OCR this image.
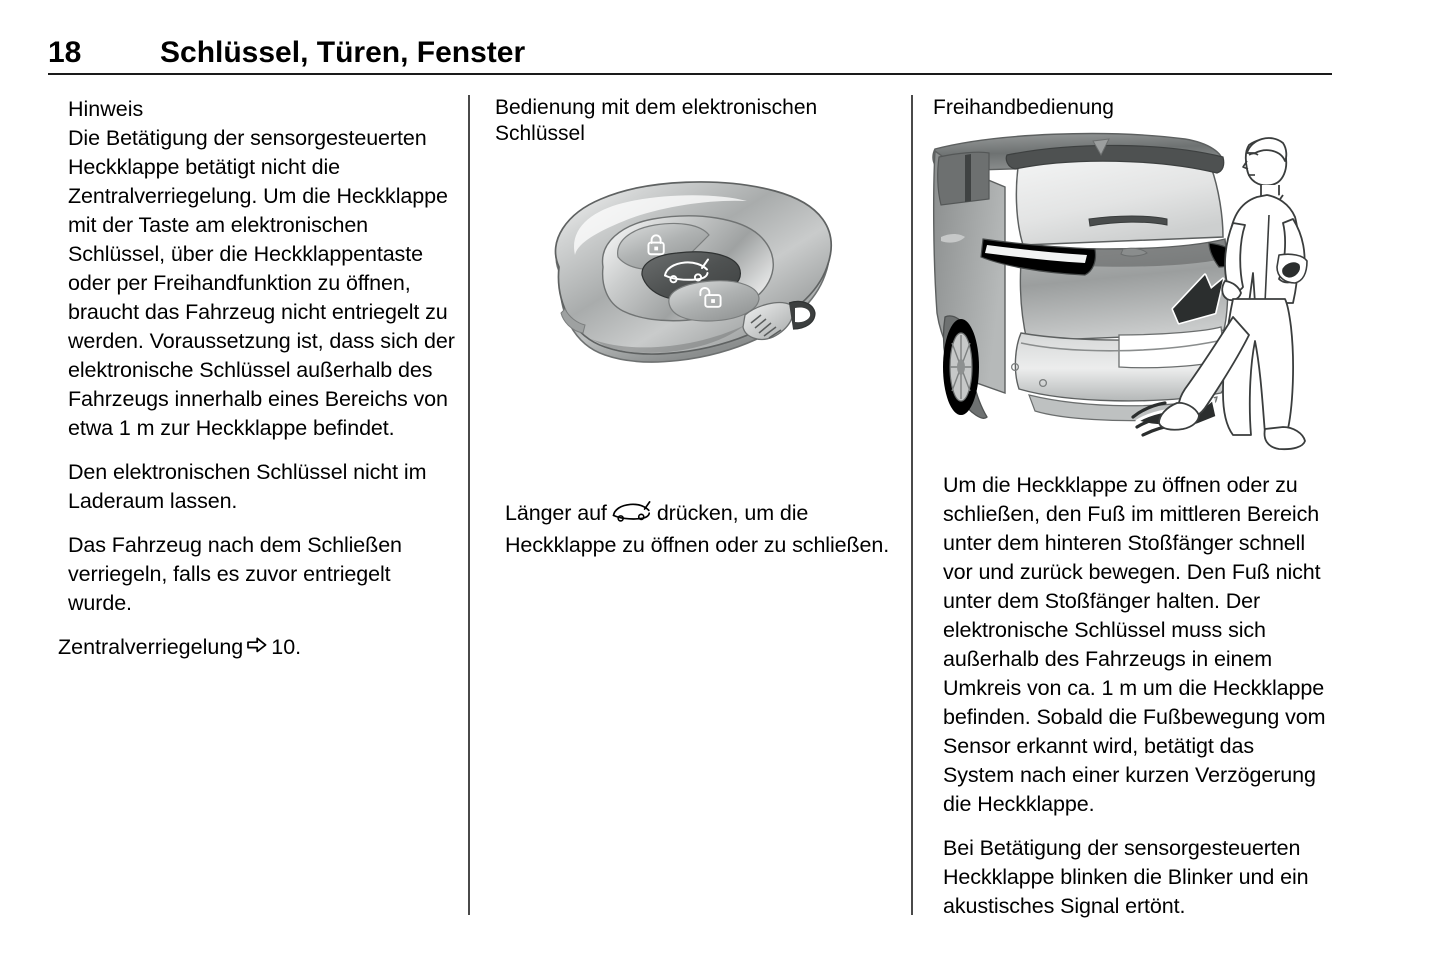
18	Schlüssel, Türen, Fenster
Hinweis

Die Betätigung der sensorgesteuerten Heckklappe betätigt nicht die Zentralverriegelung. Um die Heckklappe mit der Taste am elektronischen Schlüssel, über die Heckklappentaste oder per Freihandfunktion zu öffnen, braucht das Fahrzeug nicht entriegelt zu werden. Voraussetzung ist, dass sich der elektronische Schlüssel außerhalb des Fahrzeugs innerhalb eines Bereichs von etwa 1 m zur Heckklappe befindet.

Den elektronischen Schlüssel nicht im Laderaum lassen.

Das Fahrzeug nach dem Schließen verriegeln, falls es zuvor entriegelt wurde.

Zentralverriegelung 10.

Bedienung mit dem elektronischen Schlüssel

Länger auf drücken, um die Heckklappe zu öffnen oder zu schließen.

Freihandbedienung

Um die Heckklappe zu öffnen oder zu schließen, den Fuß im mittleren Bereich unter dem hinteren Stoßfänger schnell vor und zurück bewegen. Den Fuß nicht unter dem Stoßfänger halten. Der elektronische Schlüssel muss sich außerhalb des Fahrzeugs in einem Umkreis von ca. 1 m um die Heckklappe befinden. Sobald die Fußbewegung vom Sensor erkannt wird, betätigt das System nach einer kurzen Verzögerung die Heckklappe.

Bei Betätigung der sensorgesteuerten Heckklappe blinken die Blinker und ein akustisches Signal ertönt.
